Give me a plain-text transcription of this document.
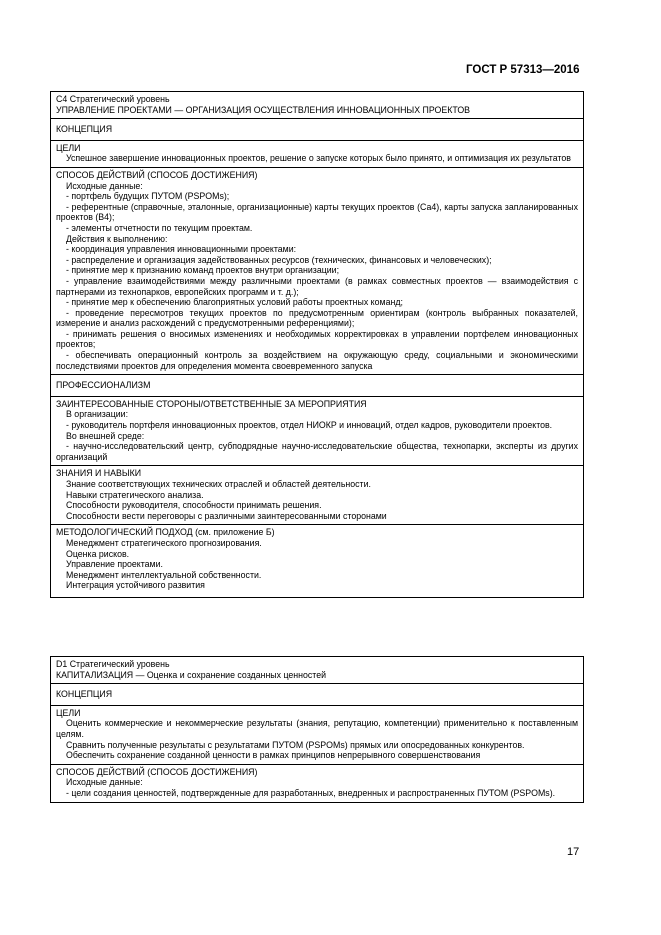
ГОСТ Р 57313—2016
С4 Стратегический уровень
УПРАВЛЕНИЕ ПРОЕКТАМИ — ОРГАНИЗАЦИЯ ОСУЩЕСТВЛЕНИЯ ИННОВАЦИОННЫХ ПРОЕКТОВ
КОНЦЕПЦИЯ
ЦЕЛИ

Успешное завершение инновационных проектов, решение о запуске которых было принято, и оптимизация их результатов

СПОСОБ ДЕЙСТВИЙ (СПОСОБ ДОСТИЖЕНИЯ)

Исходные данные:

- портфель будущих ПУТОМ (PSPOMs);

- референтные (справочные, эталонные, организационные) карты текущих проектов (Са4), карты запуска запланированных проектов (В4);

- элементы отчетности по текущим проектам.

Действия к выполнению:

- координация управления инновационными проектами:

- распределение и организация задействованных ресурсов (технических, финансовых и человеческих);

- принятие мер к признанию команд проектов внутри организации;

- управление взаимодействиями между различными проектами (в рамках совместных проектов — взаимодействия с партнерами из технопарков, европейских программ и т. д.);

- принятие мер к обеспечению благоприятных условий работы проектных команд;

- проведение пересмотров текущих проектов по предусмотренным ориентирам (контроль выбранных показателей, измерение и анализ расхождений с предусмотренными референциями);

- принимать решения о вносимых изменениях и необходимых корректировках в управлении портфелем инновационных проектов;

- обеспечивать операционный контроль за воздействием на окружающую среду, социальными и экономическими последствиями проектов для определения момента своевременного запуска

ПРОФЕССИОНАЛИЗМ
ЗАИНТЕРЕСОВАННЫЕ СТОРОНЫ/ОТВЕТСТВЕННЫЕ ЗА МЕРОПРИЯТИЯ

В организации:

- руководитель портфеля инновационных проектов, отдел НИОКР и инноваций, отдел кадров, руководители проектов.

Во внешней среде:

- научно-исследовательский центр, субподрядные научно-исследовательские общества, технопарки, эксперты из других организаций

ЗНАНИЯ И НАВЫКИ

Знание соответствующих технических отраслей и областей деятельности.

Навыки стратегического анализа.

Способности руководителя, способности принимать решения.

Способности вести переговоры с различными заинтересованными сторонами

МЕТОДОЛОГИЧЕСКИЙ ПОДХОД (см. приложение Б)

Менеджмент стратегического прогнозирования.

Оценка рисков.

Управление проектами.

Менеджмент интеллектуальной собственности.

Интеграция устойчивого развития

D1 Стратегический уровень
КАПИТАЛИЗАЦИЯ — Оценка и сохранение созданных ценностей
КОНЦЕПЦИЯ
ЦЕЛИ

Оценить коммерческие и некоммерческие результаты (знания, репутацию, компетенции) применительно к поставленным целям.

Сравнить полученные результаты с результатами ПУТОМ (PSPOMs) прямых или опосредованных конкурентов.

Обеспечить сохранение созданной ценности в рамках принципов непрерывного совершенствования

СПОСОБ ДЕЙСТВИЙ (СПОСОБ ДОСТИЖЕНИЯ)

Исходные данные:

- цели создания ценностей, подтвержденные для разработанных, внедренных и распространенных ПУТОМ (PSPOMs).

17
